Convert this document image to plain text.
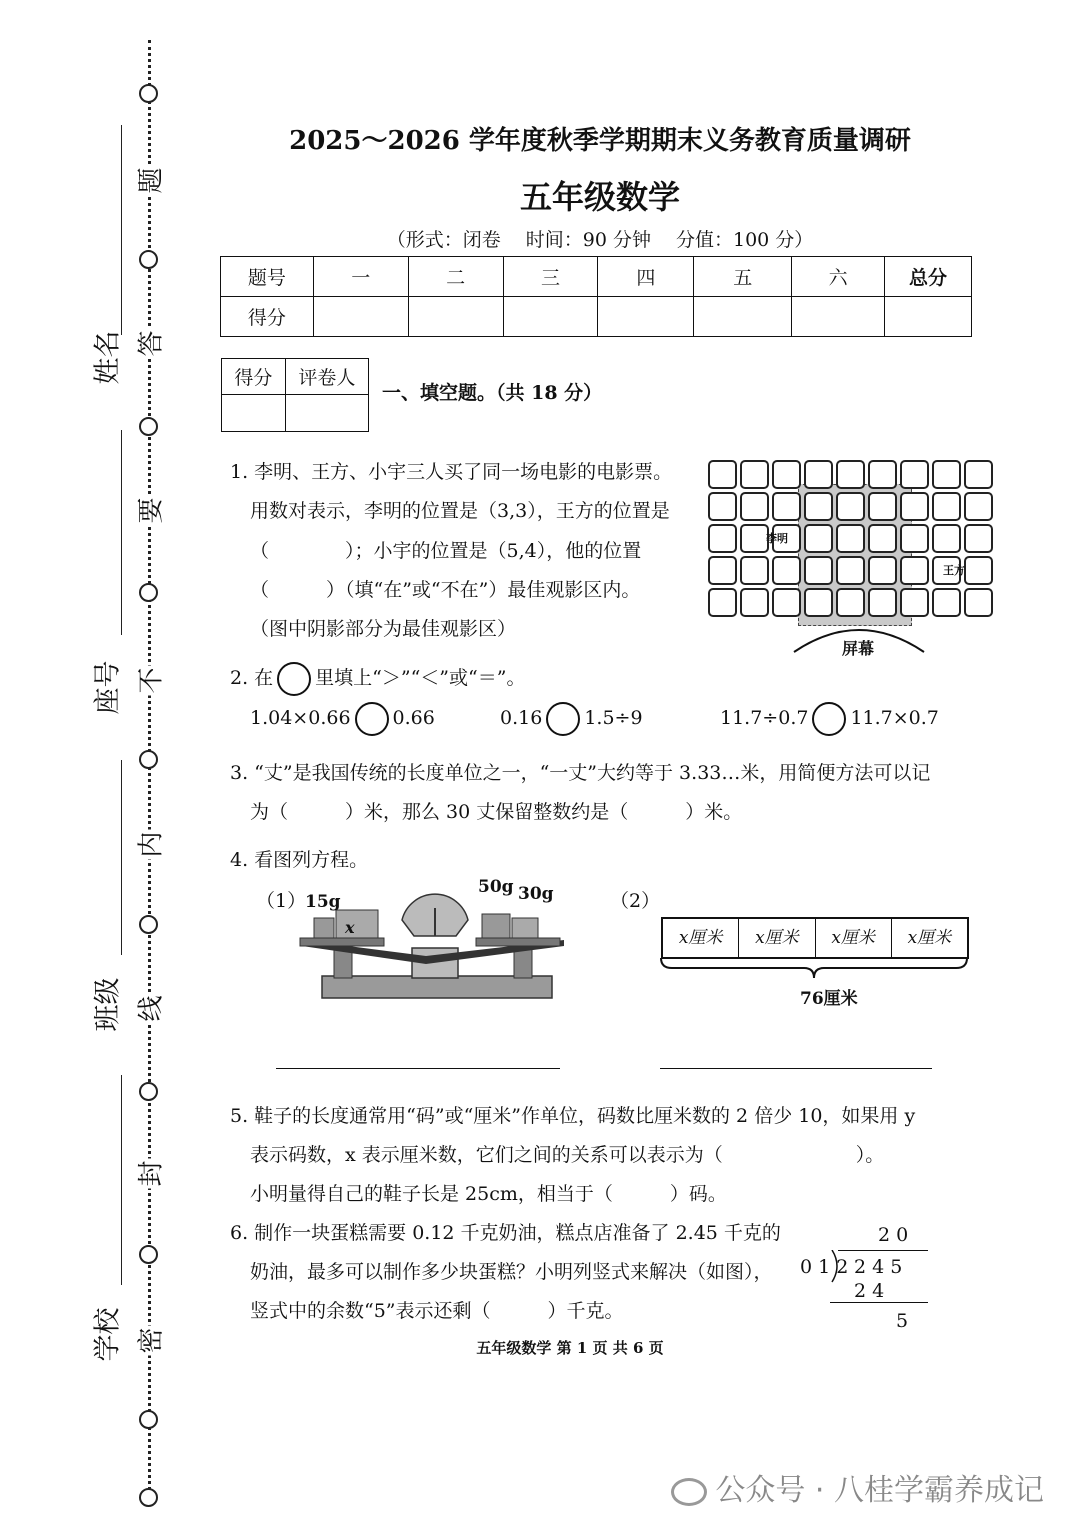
题
答
要
不
内
线
封
密
姓名
座号
班级
学校
2025～2026 学年度秋季学期期末义务教育质量调研
五年级数学
（形式：闭卷　 时间：90 分钟　 分值：100 分）
题号	一	二	三	四	五	六	总分
得分							
得分	评卷人

一、填空题。（共 18 分）
1. 李明、王方、小宇三人买了同一场电影的电影票。
用数对表示，李明的位置是（3,3），王方的位置是
（　　　　）；小宇的位置是（5,4），他的位置
（　　　）（填“在”或“不在”）最佳观影区内。
（图中阴影部分为最佳观影区）
李明
王方
屏幕
2. 在 里填上“＞”“＜”或“＝”。
1.04×0.66 0.66	0.16 1.5÷9	11.7÷0.7 11.7×0.7
3. “丈”是我国传统的长度单位之一，“一丈”大约等于 3.33…米，用简便方法可以记
为（　　　）米，那么 30 丈保留整数约是（　　　）米。
4. 看图列方程。
（1）	（2）
15g
x
50g 30g
x厘米	x厘米	x厘米	x厘米
76厘米
5. 鞋子的长度通常用“码”或“厘米”作单位，码数比厘米数的 2 倍少 10，如果用 y
表示码数，x 表示厘米数，它们之间的关系可以表示为（　　　　　　　）。
小明量得自己的鞋子长是 25cm，相当于（　　　）码。
6. 制作一块蛋糕需要 0.12 千克奶油，糕点店准备了 2.45 千克的
奶油，最多可以制作多少块蛋糕？小明列竖式来解决（如图），
竖式中的余数“5”表示还剩（　　　）千克。
2 0
0 1 2 2 4 5
2 4
5
五年级数学 第 1 页 共 6 页
公众号 · 八桂学霸养成记
